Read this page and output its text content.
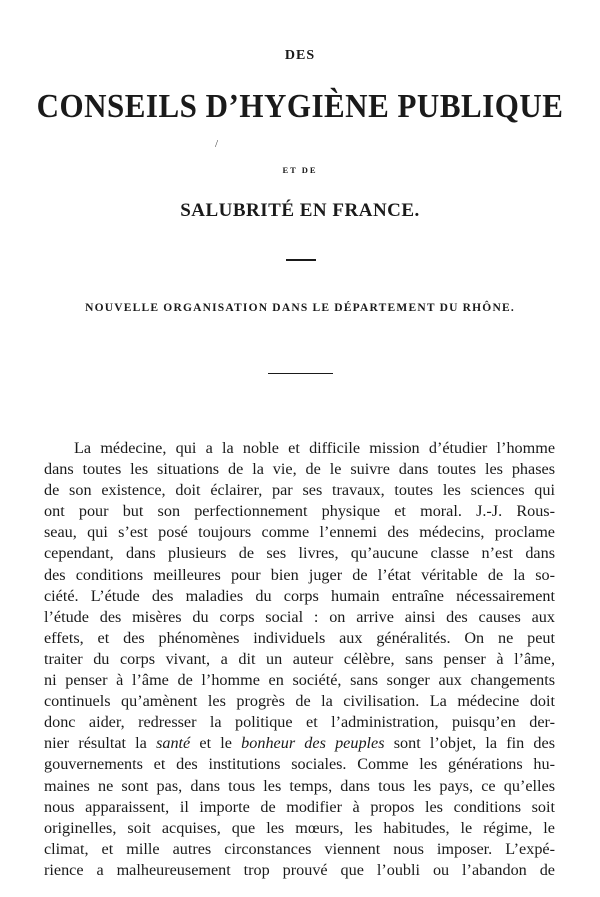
DES
CONSEILS D’HYGIÈNE PUBLIQUE
/
ET DE
SALUBRITÉ EN FRANCE.
NOUVELLE ORGANISATION DANS LE DÉPARTEMENT DU RHÔNE.
La médecine, qui a la noble et difficile mission d’étudier l’homme
dans toutes les situations de la vie, de le suivre dans toutes les phases
de son existence, doit éclairer, par ses travaux, toutes les sciences qui
ont pour but son perfectionnement physique et moral. J.-J. Rous-
seau, qui s’est posé toujours comme l’ennemi des médecins, proclame
cependant, dans plusieurs de ses livres, qu’aucune classe n’est dans
des conditions meilleures pour bien juger de l’état véritable de la so-
ciété. L’étude des maladies du corps humain entraîne nécessairement
l’étude des misères du corps social : on arrive ainsi des causes aux
effets, et des phénomènes individuels aux généralités. On ne peut
traiter du corps vivant, a dit un auteur célèbre, sans penser à l’âme,
ni penser à l’âme de l’homme en société, sans songer aux changements
continuels qu’amènent les progrès de la civilisation. La médecine doit
donc aider, redresser la politique et l’administration, puisqu’en der-
nier résultat la santé et le bonheur des peuples sont l’objet, la fin des
gouvernements et des institutions sociales. Comme les générations hu-
maines ne sont pas, dans tous les temps, dans tous les pays, ce qu’elles
nous apparaissent, il importe de modifier à propos les conditions soit
originelles, soit acquises, que les mœurs, les habitudes, le régime, le
climat, et mille autres circonstances viennent nous imposer. L’expé-
rience a malheureusement trop prouvé que l’oubli ou l’abandon de
